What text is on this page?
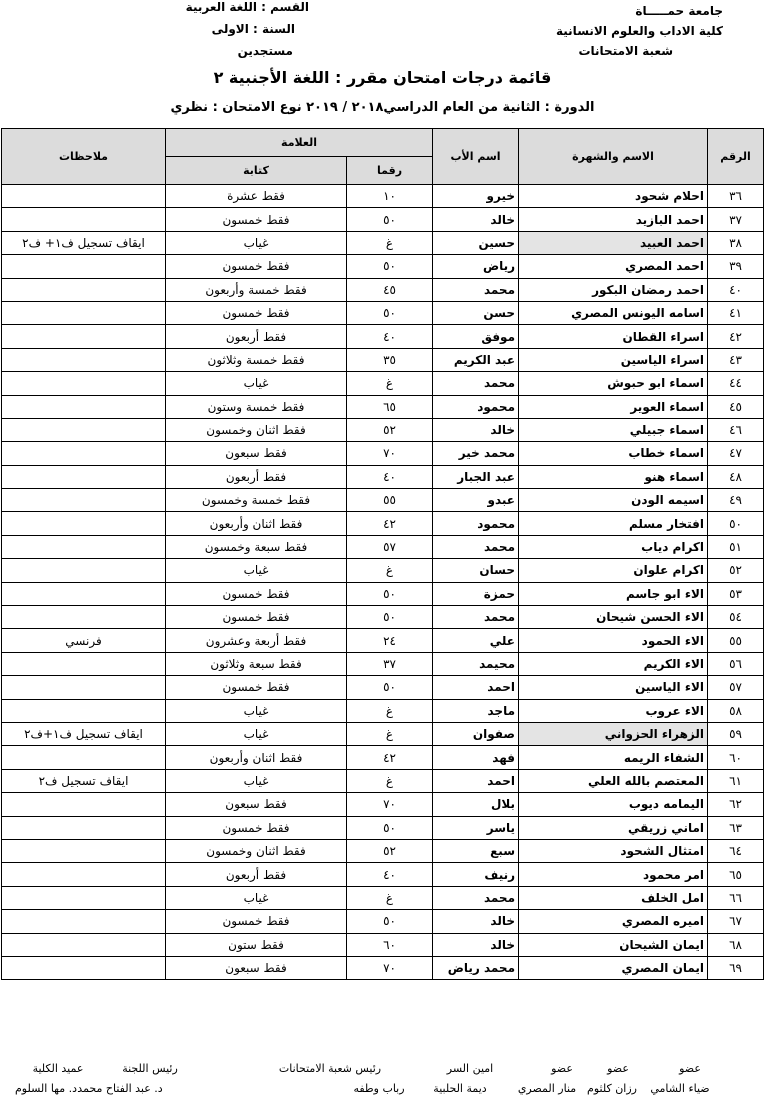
جامعة حمـــــاة
كلية الاداب والعلوم الانسانية
شعبة الامتحانات
القسم : اللغة العربية
السنة : الاولى
مستجدين
قائمة درجات امتحان مقرر : اللغة الأجنبية ٢
الدورة : الثانية من العام الدراسي٢٠١٨ / ٢٠١٩ نوع الامتحان : نظري
الرقم	الاسم والشهرة	اسم الأب	العلامة		ملاحظات
			رقما	كتابة	
٣٦	احلام شحود	خيرو	١٠	فقط عشرة	
٣٧	احمد البازيد	خالد	٥٠	فقط خمسون	
٣٨	احمد العبيد	حسين	غ	غياب	ايقاف تسجيل ف١+ ف٢
٣٩	احمد المصري	رياض	٥٠	فقط خمسون	
٤٠	احمد رمضان البكور	محمد	٤٥	فقط خمسة وأربعون	
٤١	اسامه اليونس المصري	حسن	٥٠	فقط خمسون	
٤٢	اسراء القطان	موفق	٤٠	فقط أربعون	
٤٣	اسراء الياسين	عبد الكريم	٣٥	فقط خمسة وثلاثون	
٤٤	اسماء ابو حبوش	محمد	غ	غياب	
٤٥	اسماء العوير	محمود	٦٥	فقط خمسة وستون	
٤٦	اسماء جبيلي	خالد	٥٢	فقط اثنان وخمسون	
٤٧	اسماء خطاب	محمد خير	٧٠	فقط سبعون	
٤٨	اسماء هنو	عبد الجبار	٤٠	فقط أربعون	
٤٩	اسيمه الودن	عبدو	٥٥	فقط خمسة وخمسون	
٥٠	افتخار مسلم	محمود	٤٢	فقط اثنان وأربعون	
٥١	اكرام دياب	محمد	٥٧	فقط سبعة وخمسون	
٥٢	اكرام علوان	حسان	غ	غياب	
٥٣	الاء ابو جاسم	حمزة	٥٠	فقط خمسون	
٥٤	الاء الحسن شيحان	محمد	٥٠	فقط خمسون	
٥٥	الاء الحمود	علي	٢٤	فقط أربعة وعشرون	فرنسي
٥٦	الاء الكريم	محيمد	٣٧	فقط سبعة وثلاثون	
٥٧	الاء الياسين	احمد	٥٠	فقط خمسون	
٥٨	الاء عروب	ماجد	غ	غياب	
٥٩	الزهراء الحزواني	صفوان	غ	غياب	ايقاف تسجيل ف١+ف٢
٦٠	الشفاء الريمه	فهد	٤٢	فقط اثنان وأربعون	
٦١	المعتصم بالله العلي	احمد	غ	غياب	ايقاف تسجيل ف٢
٦٢	اليمامه ديوب	بلال	٧٠	فقط سبعون	
٦٣	اماني زريقي	ياسر	٥٠	فقط خمسون	
٦٤	امتثال الشحود	سبع	٥٢	فقط اثنان وخمسون	
٦٥	امر محمود	رنيف	٤٠	فقط أربعون	
٦٦	امل الخلف	محمد	غ	غياب	
٦٧	اميره المصري	خالد	٥٠	فقط خمسون	
٦٨	ايمان الشيحان	خالد	٦٠	فقط ستون	
٦٩	ايمان المصري	محمد رياض	٧٠	فقط سبعون	
عضو
عضو
عضو
امين السر
رئيس شعبة الامتحانات
رئيس اللجنة
عميد الكلية
ضياء الشامي
رزان كلثوم
منار المصري
ديمة الحلبية
رباب وطفه
د. عبد الفتاح محمد
د. مها السلوم
